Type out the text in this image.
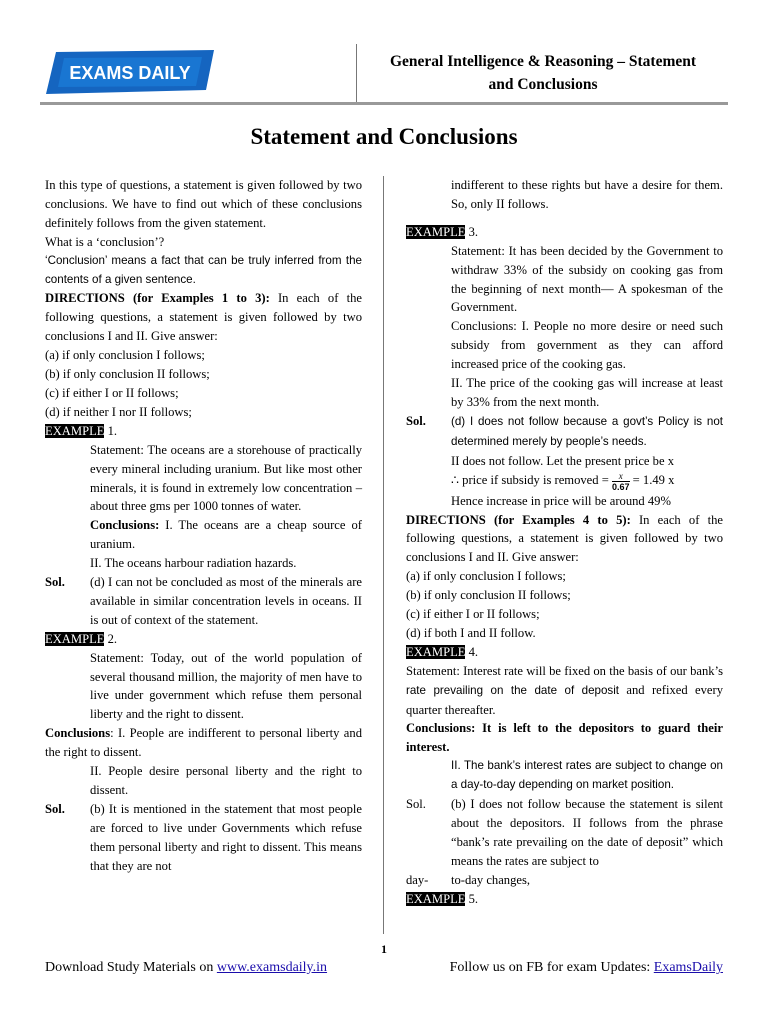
EXAMS DAILY
General Intelligence & Reasoning – Statement
and Conclusions
Statement and Conclusions

In this type of questions, a statement is given followed by two conclusions. We have to find out which of these conclusions definitely follows from the given statement.

What is a ‘conclusion’?

‘Conclusion’ means a fact that can be truly inferred from the contents of a given sentence.

DIRECTIONS (for Examples 1 to 3): In each of the following questions, a statement is given followed by two conclusions I and II. Give answer:

(a) if only conclusion I follows;

(b) if only conclusion II follows;

(c) if either I or II follows;

(d) if neither I nor II follows;

EXAMPLE 1.

Statement: The oceans are a storehouse of practically every mineral including uranium. But like most other minerals, it is found in extremely low concentration –about three gms per 1000 tonnes of water.

Conclusions: I. The oceans are a cheap source of uranium.

II. The oceans harbour radiation hazards.

Sol.	(d) I can not be concluded as most of the minerals are available in similar concentration levels in oceans. II is out of context of the statement.

EXAMPLE 2.

Statement: Today, out of the world population of several thousand million, the majority of men have to live under government which refuse them personal liberty and the right to dissent.

Conclusions: I. People are indifferent to personal liberty and the right to dissent.

II. People desire personal liberty and the right to dissent.

Sol.	(b) It is mentioned in the statement that most people are forced to live under Governments which refuse them personal liberty and right to dissent. This means that they are not

indifferent to these rights but have a desire for them. So, only II follows.

EXAMPLE 3.

Statement: It has been decided by the Government to withdraw 33% of the subsidy on cooking gas from the beginning of next month— A spokesman of the Government.

Conclusions: I. People no more desire or need such subsidy from government as they can afford increased price of the cooking gas.

II. The price of the cooking gas will increase at least by 33% from the next month.

Sol.	(d) I does not follow because a govt’s Policy is not determined merely by people’s needs.
II does not follow. Let the present price be x
∴ price if subsidy is removed = $\frac{x}{0.67} = 1.49$ x
Hence increase in price will be around 49%

DIRECTIONS (for Examples 4 to 5): In each of the following questions, a statement is given followed by two conclusions I and II. Give answer:

(a) if only conclusion I follows;

(b) if only conclusion II follows;

(c) if either I or II follows;

(d) if both I and II follow.

EXAMPLE 4.

Statement: Interest rate will be fixed on the basis of our bank’s rate prevailing on the date of deposit and refixed every quarter thereafter.

Conclusions: It is left to the depositors to guard their interest.

II. The bank’s interest rates are subject to change on a day-to-day depending on market position.

Sol.	(b) I does not follow because the statement is silent about the depositors. II follows from the phrase “bank’s rate prevailing on the date of deposit” which means the rates are subject to
day-	to-day changes,

EXAMPLE 5.

1
Download Study Materials on www.examsdaily.in	Follow us on FB for exam Updates: ExamsDaily
